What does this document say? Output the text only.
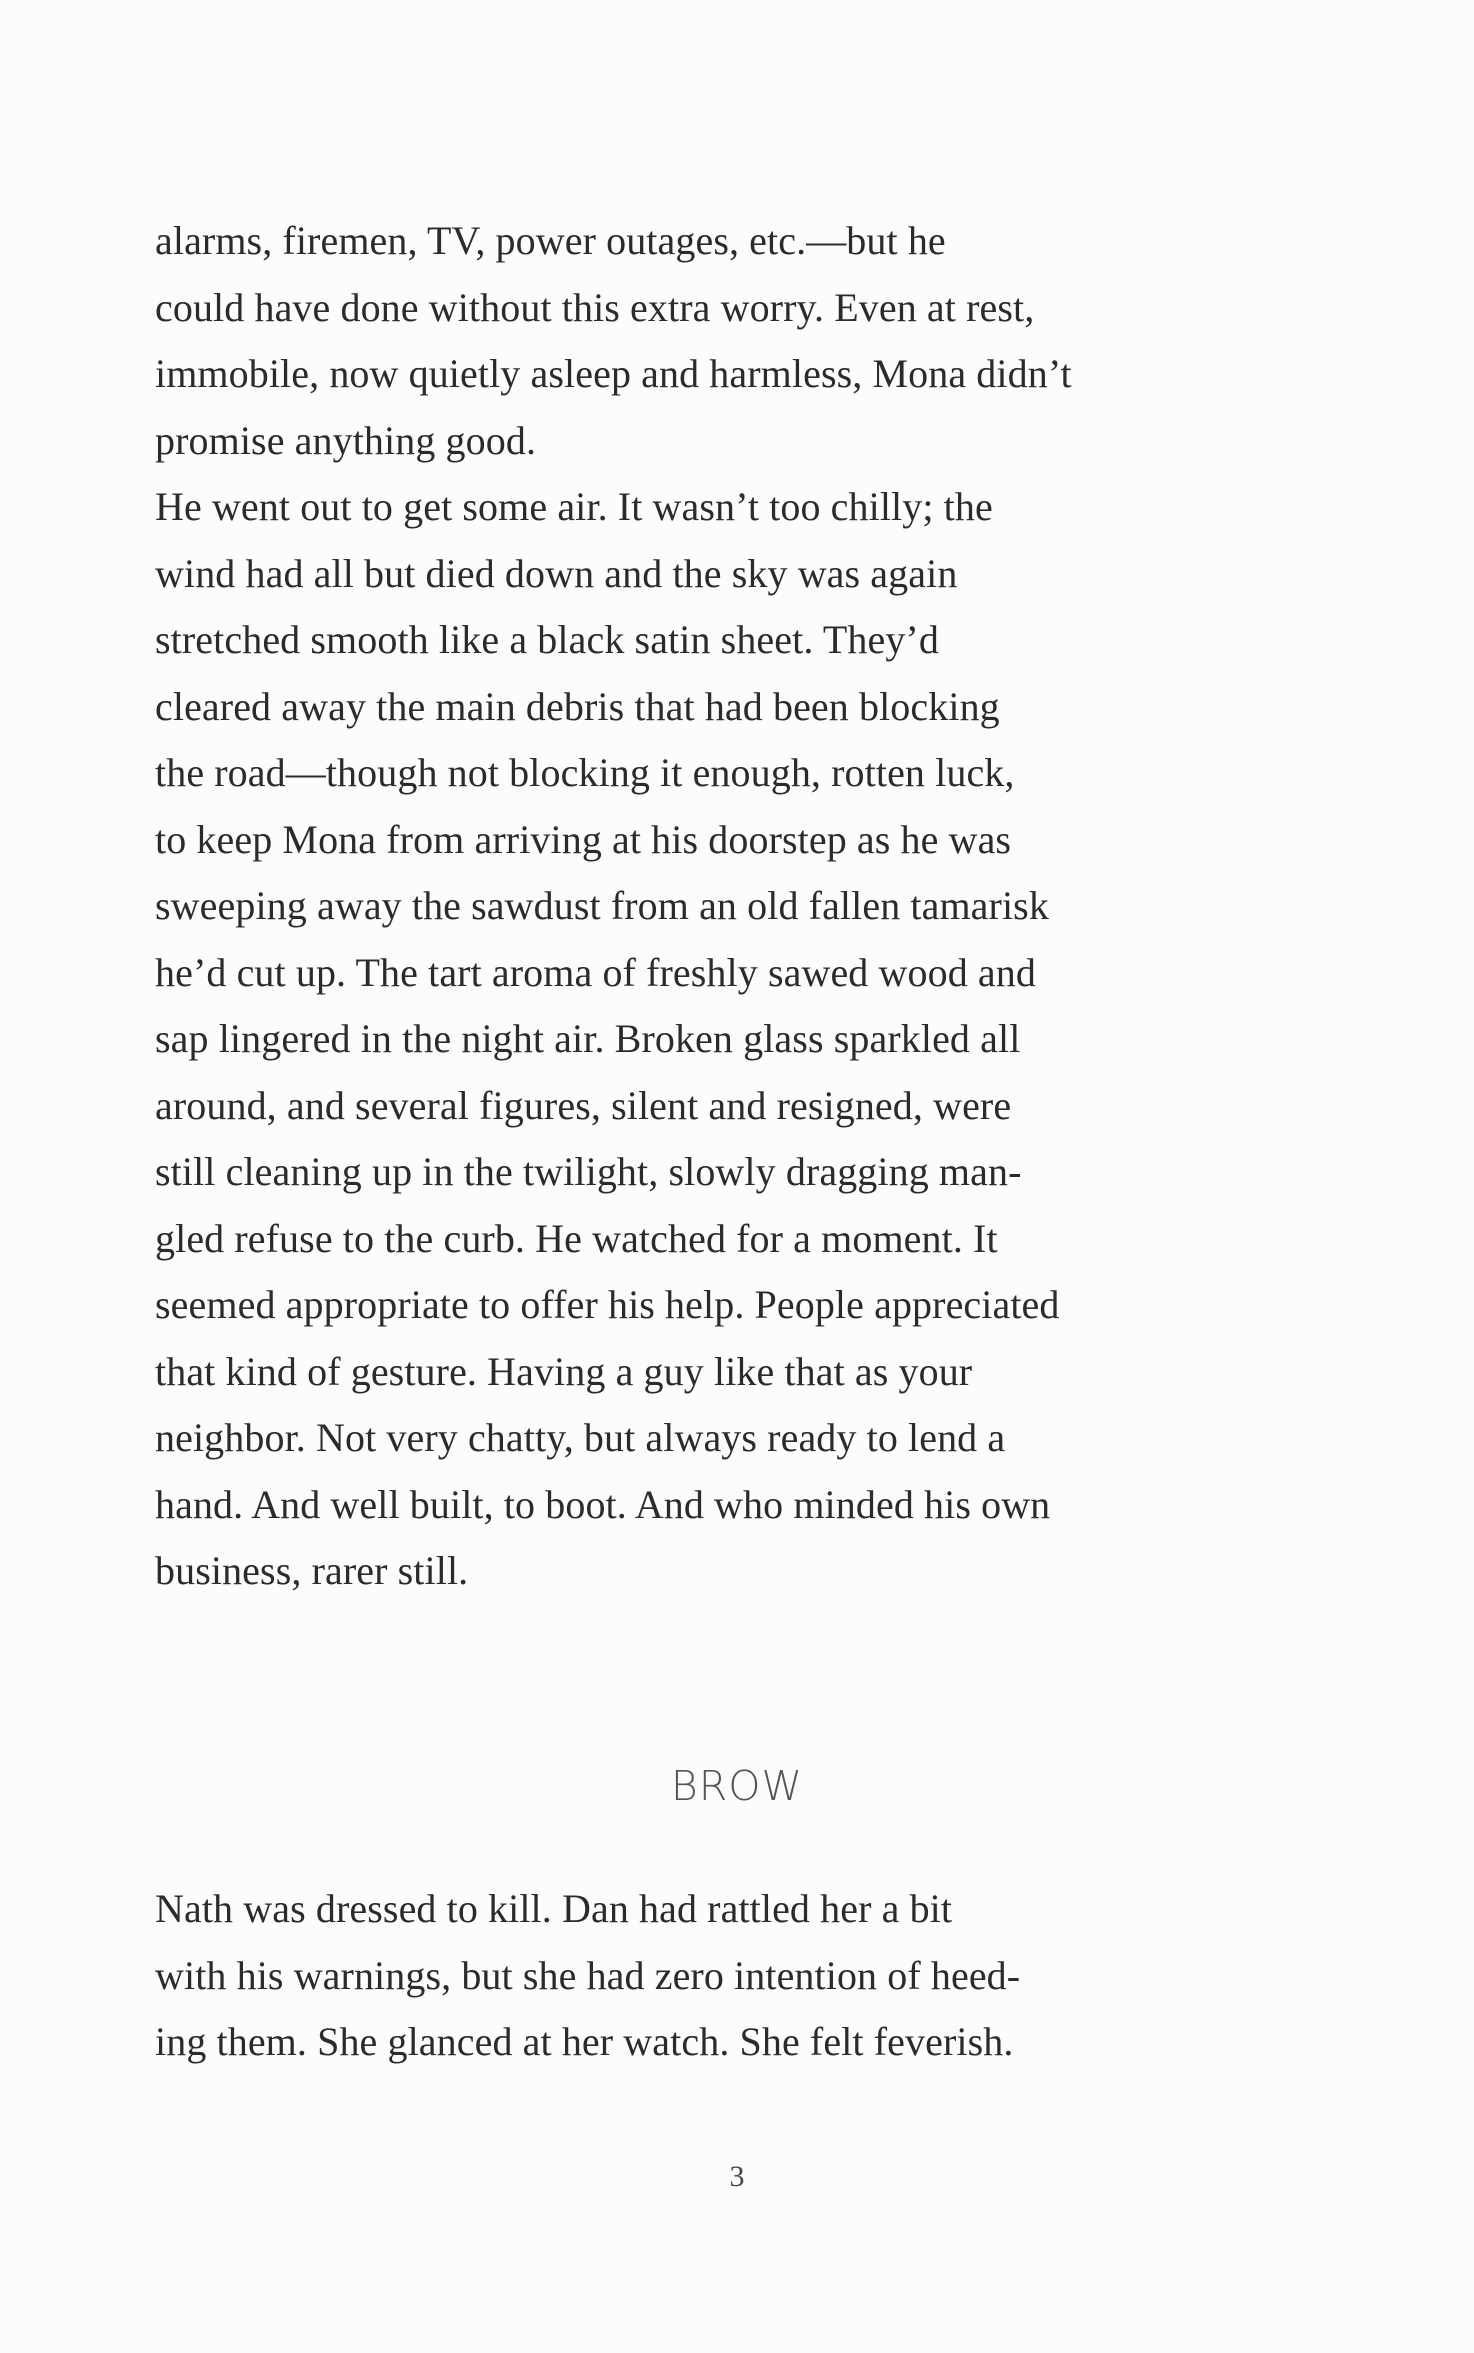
alarms, firemen, TV, power outages, etc.—but he
could have done without this extra worry. Even at rest,
immobile, now quietly asleep and harmless, Mona didn’t
promise anything good.
He went out to get some air. It wasn’t too chilly; the
wind had all but died down and the sky was again
stretched smooth like a black satin sheet. They’d
cleared away the main debris that had been blocking
the road—though not blocking it enough, rotten luck,
to keep Mona from arriving at his doorstep as he was
sweeping away the sawdust from an old fallen tamarisk
he’d cut up. The tart aroma of freshly sawed wood and
sap lingered in the night air. Broken glass sparkled all
around, and several figures, silent and resigned, were
still cleaning up in the twilight, slowly dragging man-
gled refuse to the curb. He watched for a moment. It
seemed appropriate to offer his help. People appreciated
that kind of gesture. Having a guy like that as your
neighbor. Not very chatty, but always ready to lend a
hand. And well built, to boot. And who minded his own
business, rarer still.
BROW
Nath was dressed to kill. Dan had rattled her a bit
with his warnings, but she had zero intention of heed-
ing them. She glanced at her watch. She felt feverish.
3
